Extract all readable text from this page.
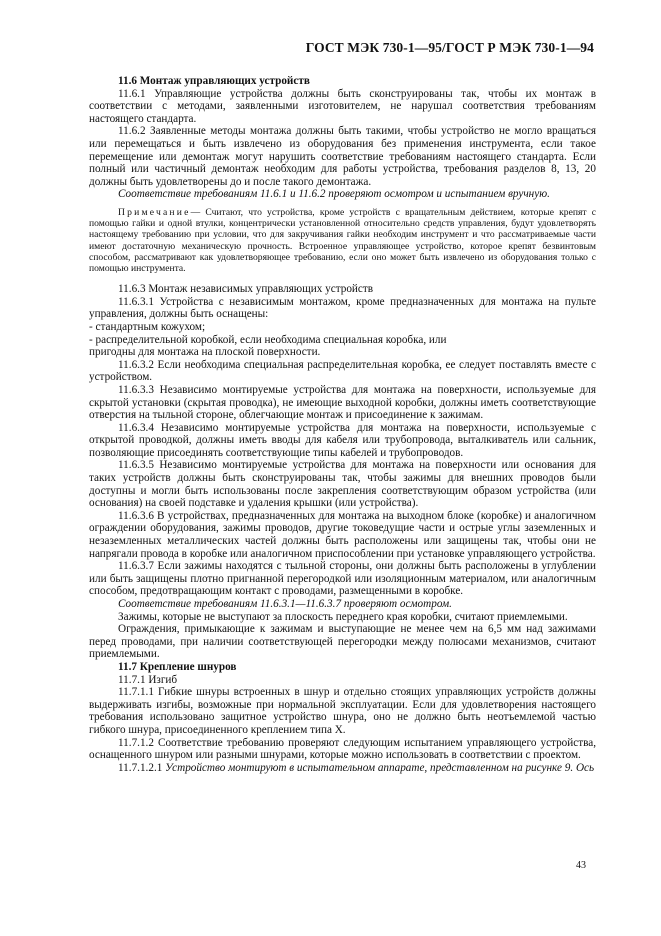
ГОСТ МЭК 730-1—95/ГОСТ Р МЭК 730-1—94

11.6 Монтаж управляющих устройств

11.6.1 Управляющие устройства должны быть сконструированы так, чтобы их монтаж в соответствии с методами, заявленными изготовителем, не нарушал соответствия требованиям настоящего стандарта.

11.6.2 Заявленные методы монтажа должны быть такими, чтобы устройство не могло вращаться или перемещаться и быть извлечено из оборудования без применения инструмента, если такое перемещение или демонтаж могут нарушить соответствие требованиям настоящего стандарта. Если полный или частичный демонтаж необходим для работы устройства, требования разделов 8, 13, 20 должны быть удовлетворены до и после такого демонтажа.

Соответствие требованиям 11.6.1 и 11.6.2 проверяют осмотром и испытанием вручную.

Примечание— Считают, что устройства, кроме устройств с вращательным действием, которые крепят с помощью гайки и одной втулки, концентрически установленной относительно средств управления, будут удовлетворять настоящему требованию при условии, что для закручивания гайки необходим инструмент и что рассматриваемые части имеют достаточную механическую прочность. Встроенное управляющее устройство, которое крепят безвинтовым способом, рассматривают как удовлетворяющее требованию, если оно может быть извлечено из оборудования только с помощью инструмента.

11.6.3 Монтаж независимых управляющих устройств

11.6.3.1 Устройства с независимым монтажом, кроме предназначенных для монтажа на пульте управления, должны быть оснащены:

- стандартным кожухом;

- распределительной коробкой, если необходима специальная коробка, или

пригодны для монтажа на плоской поверхности.

11.6.3.2 Если необходима специальная распределительная коробка, ее следует поставлять вместе с устройством.

11.6.3.3 Независимо монтируемые устройства для монтажа на поверхности, используемые для скрытой установки (скрытая проводка), не имеющие выходной коробки, должны иметь соответствующие отверстия на тыльной стороне, облегчающие монтаж и присоединение к зажимам.

11.6.3.4 Независимо монтируемые устройства для монтажа на поверхности, используемые с открытой проводкой, должны иметь вводы для кабеля или трубопровода, выталкиватель или сальник, позволяющие присоединять соответствующие типы кабелей и трубопроводов.

11.6.3.5 Независимо монтируемые устройства для монтажа на поверхности или основания для таких устройств должны быть сконструированы так, чтобы зажимы для внешних проводов были доступны и могли быть использованы после закрепления соответствующим образом устройства (или основания) на своей подставке и удаления крышки (или устройства).

11.6.3.6 В устройствах, предназначенных для монтажа на выходном блоке (коробке) и аналогичном ограждении оборудования, зажимы проводов, другие токоведущие части и острые углы заземленных и незаземленных металлических частей должны быть расположены или защищены так, чтобы они не напрягали провода в коробке или аналогичном приспособлении при установке управляющего устройства.

11.6.3.7 Если зажимы находятся с тыльной стороны, они должны быть расположены в углублении или быть защищены плотно пригнанной перегородкой или изоляционным материалом, или аналогичным способом, предотвращающим контакт с проводами, размещенными в коробке.

Соответствие требованиям 11.6.3.1—11.6.3.7 проверяют осмотром.

Зажимы, которые не выступают за плоскость переднего края коробки, считают приемлемыми.

Ограждения, примыкающие к зажимам и выступающие не менее чем на 6,5 мм над зажимами перед проводами, при наличии соответствующей перегородки между полюсами механизмов, считают приемлемыми.

11.7 Крепление шнуров

11.7.1 Изгиб

11.7.1.1 Гибкие шнуры встроенных в шнур и отдельно стоящих управляющих устройств должны выдерживать изгибы, возможные при нормальной эксплуатации. Если для удовлетворения настоящего требования использовано защитное устройство шнура, оно не должно быть неотъемлемой частью гибкого шнура, присоединенного креплением типа X.

11.7.1.2 Соответствие требованию проверяют следующим испытанием управляющего устройства, оснащенного шнуром или разными шнурами, которые можно использовать в соответствии с проектом.

11.7.1.2.1 Устройство монтируют в испытательном аппарате, представленном на рисунке 9. Ось

43
